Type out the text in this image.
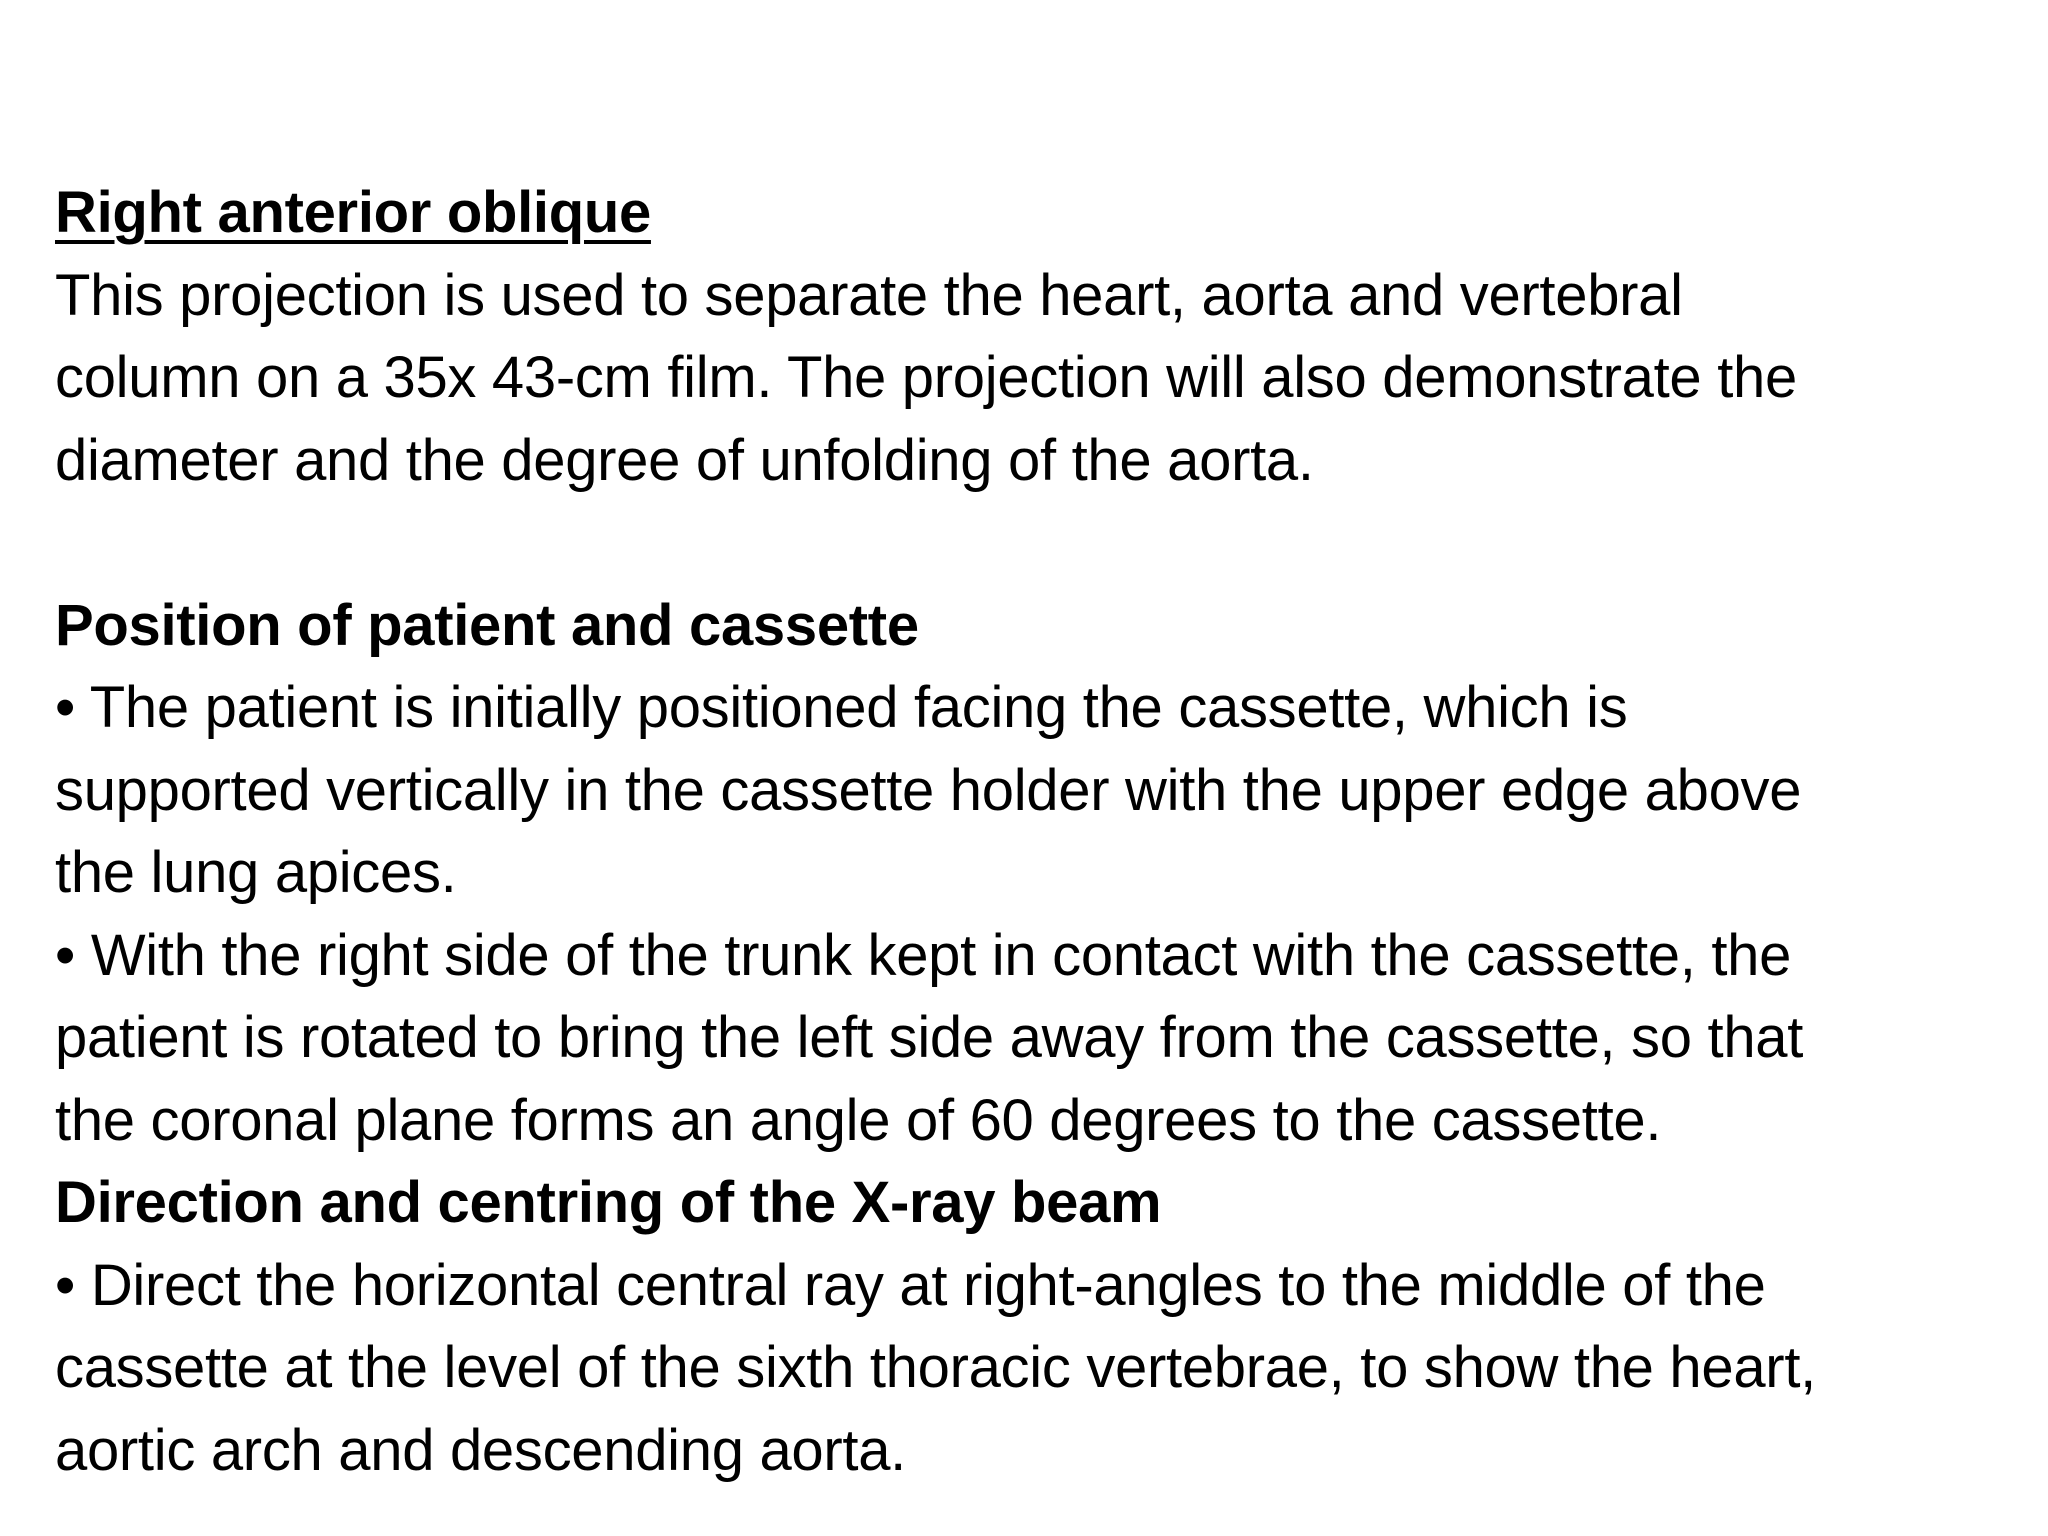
Right anterior oblique
This projection is used to separate the heart, aorta and vertebral
column on a 35x 43-cm film. The projection will also demonstrate the
diameter and the degree of unfolding of the aorta.
Position of patient and cassette
• The patient is initially positioned facing the cassette, which is
supported vertically in the cassette holder with the upper edge above
the lung apices.
• With the right side of the trunk kept in contact with the cassette, the
patient is rotated to bring the left side away from the cassette, so that
the coronal plane forms an angle of 60 degrees to the cassette.
Direction and centring of the X-ray beam
• Direct the horizontal central ray at right-angles to the middle of the
cassette at the level of the sixth thoracic vertebrae, to show the heart,
aortic arch and descending aorta.
